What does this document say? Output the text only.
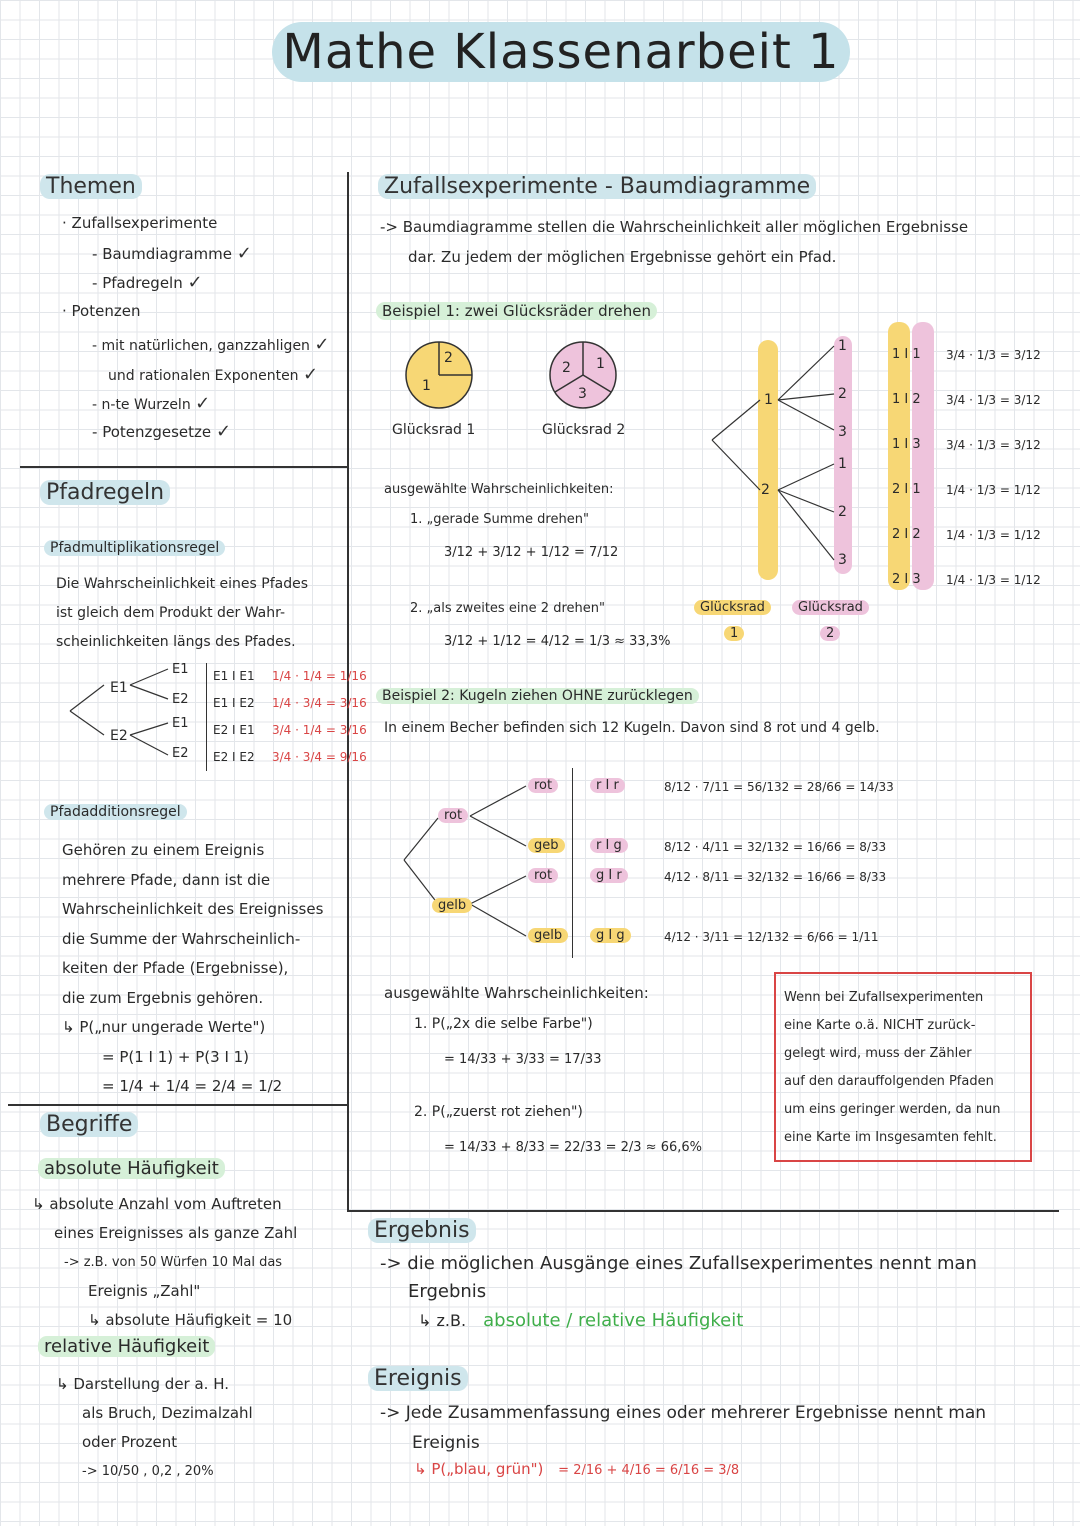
Mathe Klassenarbeit 1
Themen
· Zufallsexperimente
- Baumdiagramme ✓
- Pfadregeln ✓
· Potenzen
- mit natürlichen, ganzzahligen ✓
und rationalen Exponenten ✓
- n-te Wurzeln ✓
- Potenzgesetze ✓
Pfadregeln
Pfadmultiplikationsregel
Die Wahrscheinlichkeit eines Pfades
ist gleich dem Produkt der Wahr-
scheinlichkeiten längs des Pfades.
E1
E2
E1
E2
E1
E2
E1 I E1
E1 I E2
E2 I E1
E2 I E2
1/4 · 1/4 = 1/16
1/4 · 3/4 = 3/16
3/4 · 1/4 = 3/16
3/4 · 3/4 = 9/16
Pfadadditionsregel
Gehören zu einem Ereignis
mehrere Pfade, dann ist die
Wahrscheinlichkeit des Ereignisses
die Summe der Wahrscheinlich-
keiten der Pfade (Ergebnisse),
die zum Ergebnis gehören.
↳ P(„nur ungerade Werte")
= P(1 I 1) + P(3 I 1)
= 1/4 + 1/4 = 2/4 = 1/2
Begriffe
absolute Häufigkeit
↳ absolute Anzahl vom Auftreten
eines Ereignisses als ganze Zahl
-> z.B. von 50 Würfen 10 Mal das
Ereignis „Zahl"
↳ absolute Häufigkeit = 10
relative Häufigkeit
↳ Darstellung der a. H.
als Bruch, Dezimalzahl
oder Prozent
-> 10/50 , 0,2 , 20%
Zufallsexperimente - Baumdiagramme
-> Baumdiagramme stellen die Wahrscheinlichkeit aller möglichen Ergebnisse
dar. Zu jedem der möglichen Ergebnisse gehört ein Pfad.
Beispiel 1: zwei Glücksräder drehen
2
1
2 1
3
Glücksrad 1	Glücksrad 2
ausgewählte Wahrscheinlichkeiten:
1. „gerade Summe drehen"
3/12 + 3/12 + 1/12 = 7/12
2. „als zweites eine 2 drehen"
3/12 + 1/12 = 4/12 = 1/3 ≈ 33,3%
1
2
1
2
3
1
2
3
1 I 1
1 I 2
1 I 3
2 I 1
2 I 2
2 I 3
3/4 · 1/3 = 3/12
3/4 · 1/3 = 3/12
3/4 · 1/3 = 3/12
1/4 · 1/3 = 1/12
1/4 · 1/3 = 1/12
1/4 · 1/3 = 1/12
Glücksrad
1
Glücksrad
2
Beispiel 2: Kugeln ziehen OHNE zurücklegen
In einem Becher befinden sich 12 Kugeln. Davon sind 8 rot und 4 gelb.
rot
gelb
rot
geb
rot
gelb
r I r
r I g
g I r
g I g
8/12 · 7/11 = 56/132 = 28/66 = 14/33
8/12 · 4/11 = 32/132 = 16/66 = 8/33
4/12 · 8/11 = 32/132 = 16/66 = 8/33
4/12 · 3/11 = 12/132 = 6/66 = 1/11
ausgewählte Wahrscheinlichkeiten:
1. P(„2x die selbe Farbe")
= 14/33 + 3/33 = 17/33
2. P(„zuerst rot ziehen")
= 14/33 + 8/33 = 22/33 = 2/3 ≈ 66,6%
Wenn bei Zufallsexperimenten
eine Karte o.ä. NICHT zurück-
gelegt wird, muss der Zähler
auf den darauffolgenden Pfaden
um eins geringer werden, da nun
eine Karte im Insgesamten fehlt.
Ergebnis
-> die möglichen Ausgänge eines Zufallsexperimentes nennt man
Ergebnis
↳ z.B. absolute / relative Häufigkeit
Ereignis
-> Jede Zusammenfassung eines oder mehrerer Ergebnisse nennt man
Ereignis
↳ P(„blau, grün") = 2/16 + 4/16 = 6/16 = 3/8
